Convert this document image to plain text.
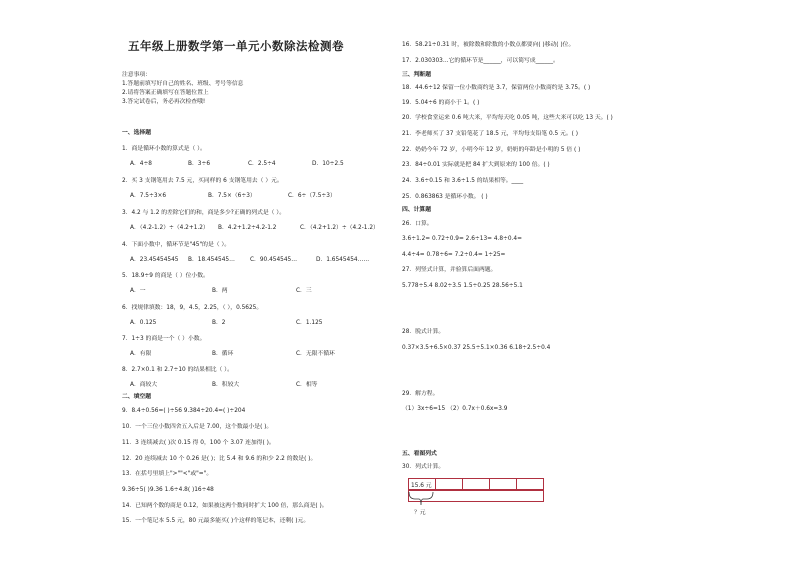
五年级上册数学第一单元小数除法检测卷
注意事项：
1.答题前填写好自己的姓名、班级、考号等信息
2.请将答案正确填写在答题位置上
3.答完试卷后，务必再次检查哦!
一、选择题
1．商是循环小数的算式是（ ）。
A．4÷8	B．3÷6	C．2.5÷4	D．10÷2.5
2．买 3 支钢笔用去 7.5 元，买同样的 6 支钢笔用去（ ）元。
A．7.5÷3×6	B．7.5×（6÷3）	C．6÷（7.5÷3）
3．4.2 与 1.2 的差除它们的和，商是多少?正确的列式是（ ）。
A．（4.2-1.2）÷（4.2+1.2） B．4.2+1.2÷4.2-1.2	C．（4.2+1.2）÷（4.2-1.2）
4．下面小数中，循环节是"45"的是（ ）。
A．23.45454545 B．18.454545…	C．90.454545…	D．1.6545454……
5．18.9÷9 的商是（ ）位小数。
A．一	B．两	C．三
6．找规律填数：18，9，4.5，2.25，（ ），0.5625。
A．0.125	B．2	C．1.125
7．1÷3 的商是一个（ ）小数。
A．有限	B．循环	C．无限不循环
8．2.7×0.1 和 2.7÷10 的结果相比（ ）。
A．商较大	B．积较大	C．相等
二、填空题
9．8.4÷0.56=( )÷56 9.384÷20.4=( )÷204
10．一个三位小数四舍五入后是 7.00，这个数最小是( )。
11．3 连续减去( )次 0.15 得 0，100 个 3.07 连加得( )。
12．20 连续减去 10 个 0.26 是( )；比 5.4 和 9.6 的和少 2.2 的数是( )。
13．在括号里填上">""<"或"="。
9.36÷5( )9.36 1.6÷4.8( )16÷48
14．已知两个数的商是 0.12，如果被这两个数同时扩大 100 倍，那么商是( )。
15．一个笔记本 5.5 元，80 元最多能买( )个这样的笔记本，还剩( )元。
16．58.21÷0.31 时，被除数和除数的小数点都要向( )移动( )位。
17．2.030303…它的循环节是______，可以简写成______。
三、判断题
18．44.6÷12 保留一位小数商约是 3.7，保留两位小数商约是 3.75。( )
19．5.04÷6 的商小于 1。( )
20．学校食堂运来 0.6 吨大米，平均每天吃 0.05 吨，这些大米可以吃 13 天。( )
21．李老师买了 37 支铅笔花了 18.5 元，平均每支铅笔 0.5 元。( )
22．奶奶今年 72 岁，小明今年 12 岁，奶奶的年龄是小明的 5 倍 ( )
23．84÷0.01 实际就是把 84 扩大到原来的 100 倍。( )
24．3.6÷0.15 和 3.6÷1.5 的结果相等。____
25．0.863863 是循环小数。 ( )
四、计算题
26．口算。
3.6÷1.2= 0.72÷0.9= 2.6÷13= 4.8÷0.4=
4.4÷4= 0.78÷6= 7.2÷0.4= 1÷25=
27．列竖式计算，并验算后面两题。
5.778÷5.4 8.02÷3.5 1.5÷0.25 28.56÷5.1
28．脱式计算。
0.37×3.5+6.5×0.37 25.5÷5.1×0.36 6.18÷2.5÷0.4
29．解方程。
（1）3x÷6=15 （2）0.7x＋0.6x=3.9
五、看图列式
30．列式计算。
15.6 元
？元
